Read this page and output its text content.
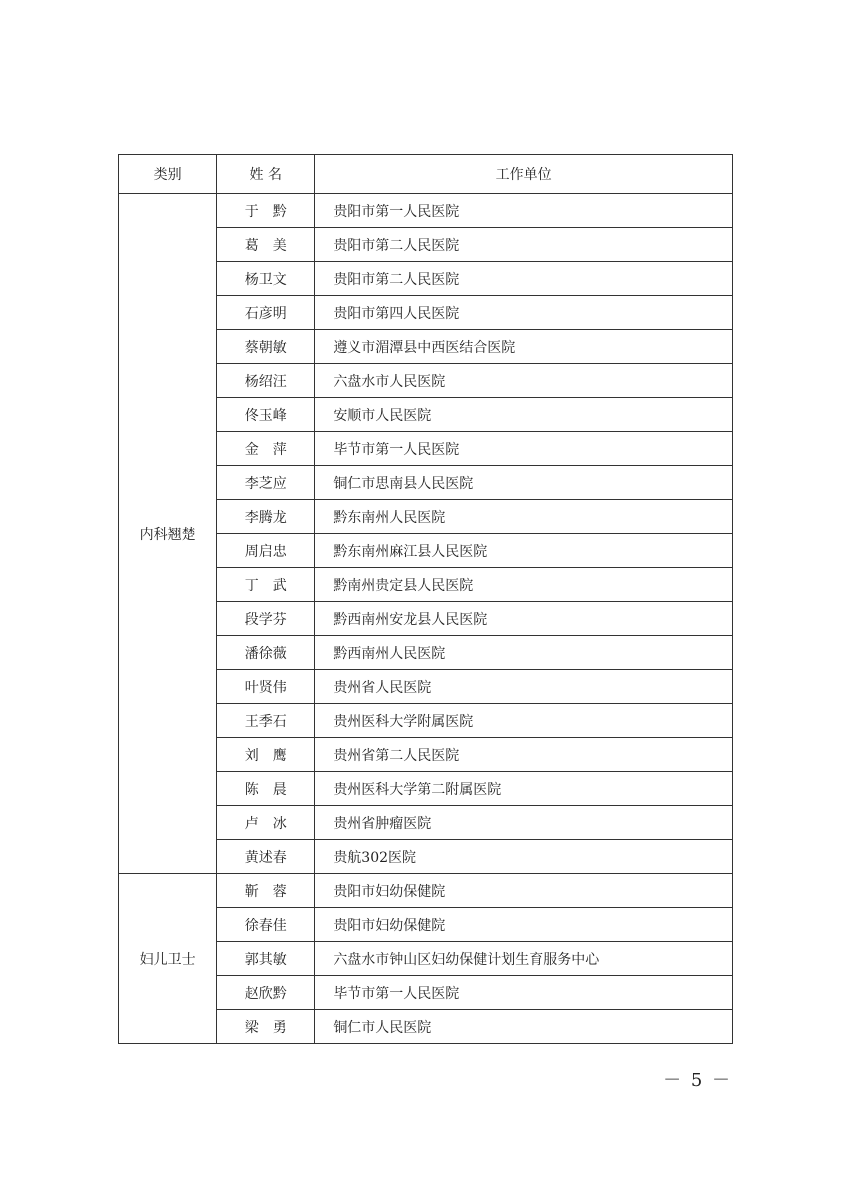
类别	姓 名	工作单位
内科翘楚	于　黔	贵阳市第一人民医院
	葛　美	贵阳市第二人民医院
	杨卫文	贵阳市第二人民医院
	石彦明	贵阳市第四人民医院
	蔡朝敏	遵义市湄潭县中西医结合医院
	杨绍汪	六盘水市人民医院
	佟玉峰	安顺市人民医院
	金　萍	毕节市第一人民医院
	李芝应	铜仁市思南县人民医院
	李腾龙	黔东南州人民医院
	周启忠	黔东南州麻江县人民医院
	丁　武	黔南州贵定县人民医院
	段学芬	黔西南州安龙县人民医院
	潘徐薇	黔西南州人民医院
	叶贤伟	贵州省人民医院
	王季石	贵州医科大学附属医院
	刘　鹰	贵州省第二人民医院
	陈　晨	贵州医科大学第二附属医院
	卢　冰	贵州省肿瘤医院
	黄述春	贵航302医院
妇儿卫士	靳　蓉	贵阳市妇幼保健院
	徐春佳	贵阳市妇幼保健院
	郭其敏	六盘水市钟山区妇幼保健计划生育服务中心
	赵欣黔	毕节市第一人民医院
	梁　勇	铜仁市人民医院
－ 5 －
